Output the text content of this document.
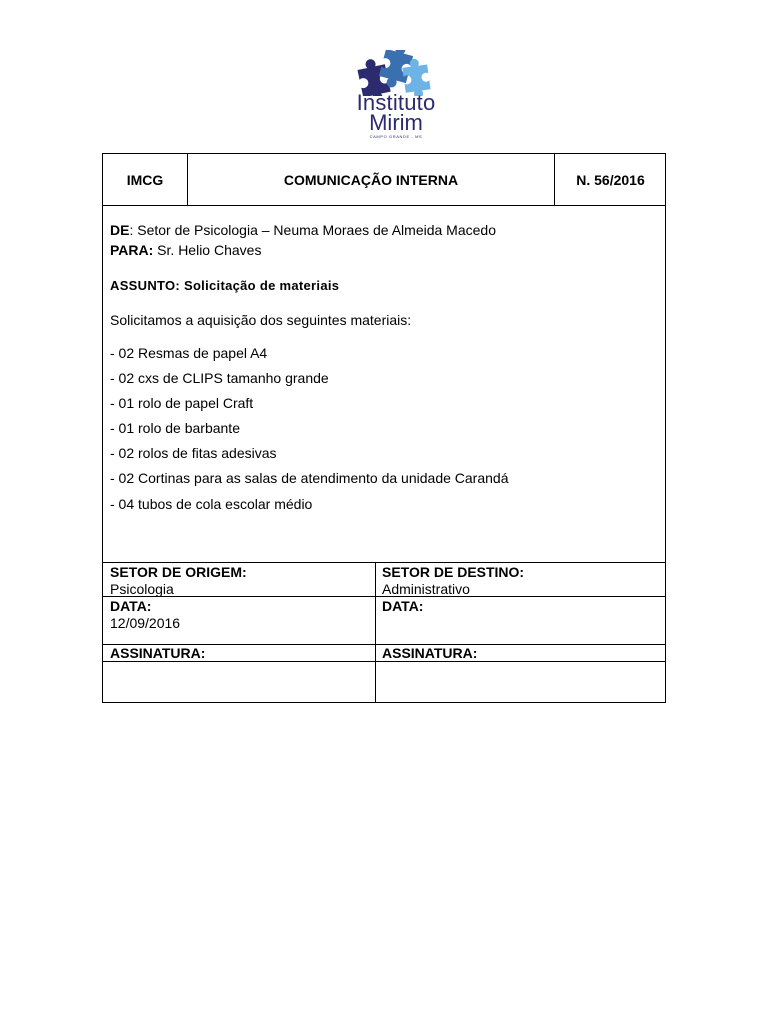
Instituto
Mirim
CAMPO GRANDE - MS
IMCG	COMUNICAÇÃO INTERNA	N. 56/2016
DE: Setor de Psicologia – Neuma Moraes de Almeida Macedo
PARA: Sr. Helio Chaves
ASSUNTO: Solicitação de materiais
Solicitamos a aquisição dos seguintes materiais:
- 02 Resmas de papel A4
- 02 cxs de CLIPS tamanho grande
- 01 rolo de papel Craft
- 01 rolo de barbante
- 02 rolos de fitas adesivas
- 02 Cortinas para as salas de atendimento da unidade Carandá
- 04 tubos de cola escolar médio
SETOR DE ORIGEM:
Psicologia
SETOR DE DESTINO:
Administrativo
DATA:
12/09/2016
DATA:
ASSINATURA:	ASSINATURA:
